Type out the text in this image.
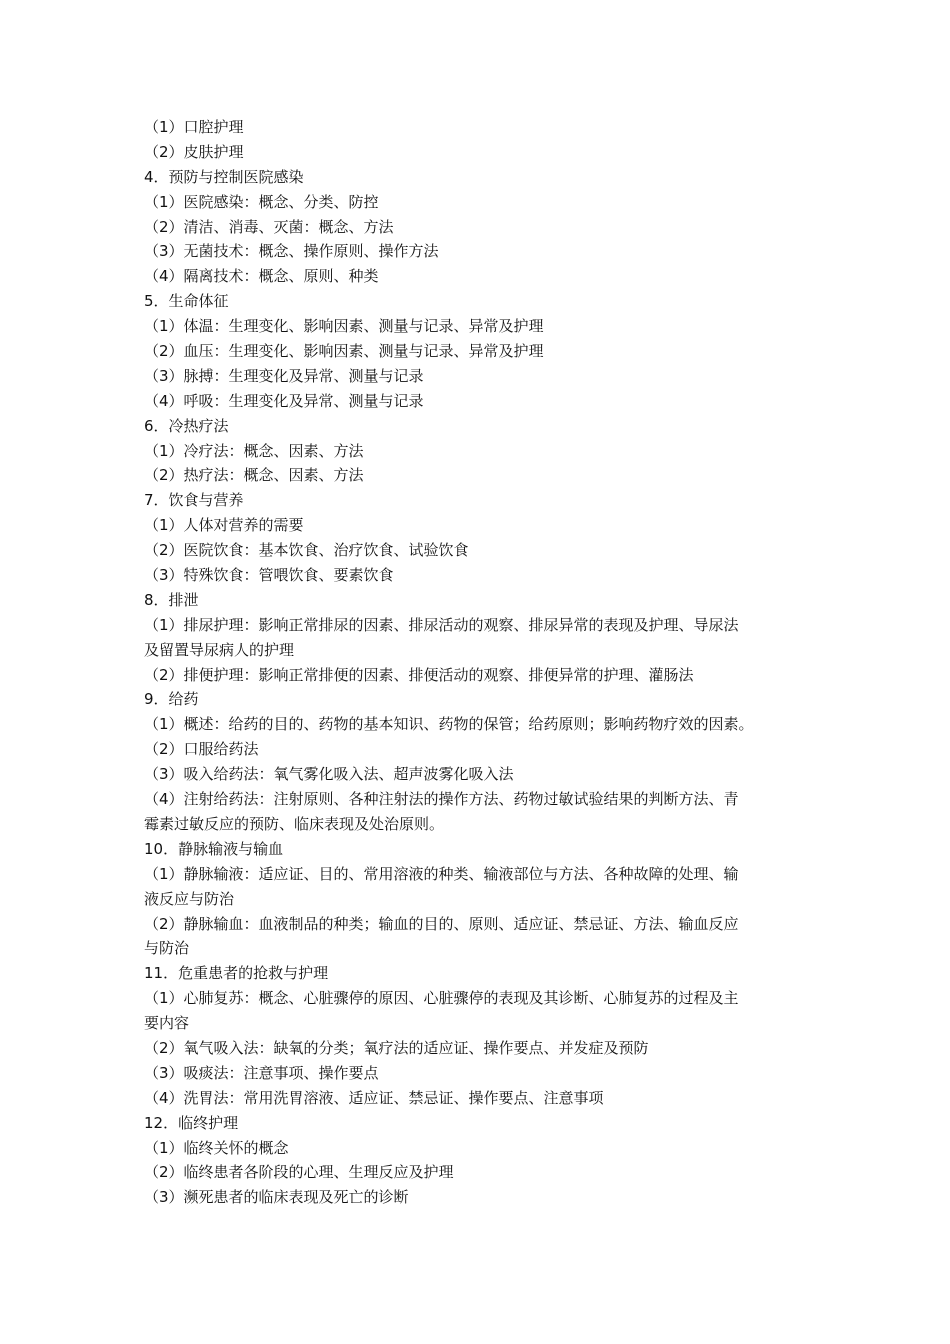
（1）口腔护理
（2）皮肤护理
4．预防与控制医院感染
（1）医院感染：概念、分类、防控
（2）清洁、消毒、灭菌：概念、方法
（3）无菌技术：概念、操作原则、操作方法
（4）隔离技术：概念、原则、种类
5．生命体征
（1）体温：生理变化、影响因素、测量与记录、异常及护理
（2）血压：生理变化、影响因素、测量与记录、异常及护理
（3）脉搏：生理变化及异常、测量与记录
（4）呼吸：生理变化及异常、测量与记录
6．冷热疗法
（1）冷疗法：概念、因素、方法
（2）热疗法：概念、因素、方法
7．饮食与营养
（1）人体对营养的需要
（2）医院饮食：基本饮食、治疗饮食、试验饮食
（3）特殊饮食：管喂饮食、要素饮食
8．排泄
（1）排尿护理：影响正常排尿的因素、排尿活动的观察、排尿异常的表现及护理、导尿法
及留置导尿病人的护理
（2）排便护理：影响正常排便的因素、排便活动的观察、排便异常的护理、灌肠法
9．给药
（1）概述：给药的目的、药物的基本知识、药物的保管；给药原则；影响药物疗效的因素。
（2）口服给药法
（3）吸入给药法：氧气雾化吸入法、超声波雾化吸入法
（4）注射给药法：注射原则、各种注射法的操作方法、药物过敏试验结果的判断方法、青
霉素过敏反应的预防、临床表现及处治原则。
10．静脉输液与输血
（1）静脉输液：适应证、目的、常用溶液的种类、输液部位与方法、各种故障的处理、输
液反应与防治
（2）静脉输血：血液制品的种类；输血的目的、原则、适应证、禁忌证、方法、输血反应
与防治
11．危重患者的抢救与护理
（1）心肺复苏：概念、心脏骤停的原因、心脏骤停的表现及其诊断、心肺复苏的过程及主
要内容
（2）氧气吸入法：缺氧的分类；氧疗法的适应证、操作要点、并发症及预防
（3）吸痰法：注意事项、操作要点
（4）洗胃法：常用洗胃溶液、适应证、禁忌证、操作要点、注意事项
12．临终护理
（1）临终关怀的概念
（2）临终患者各阶段的心理、生理反应及护理
（3）濒死患者的临床表现及死亡的诊断
